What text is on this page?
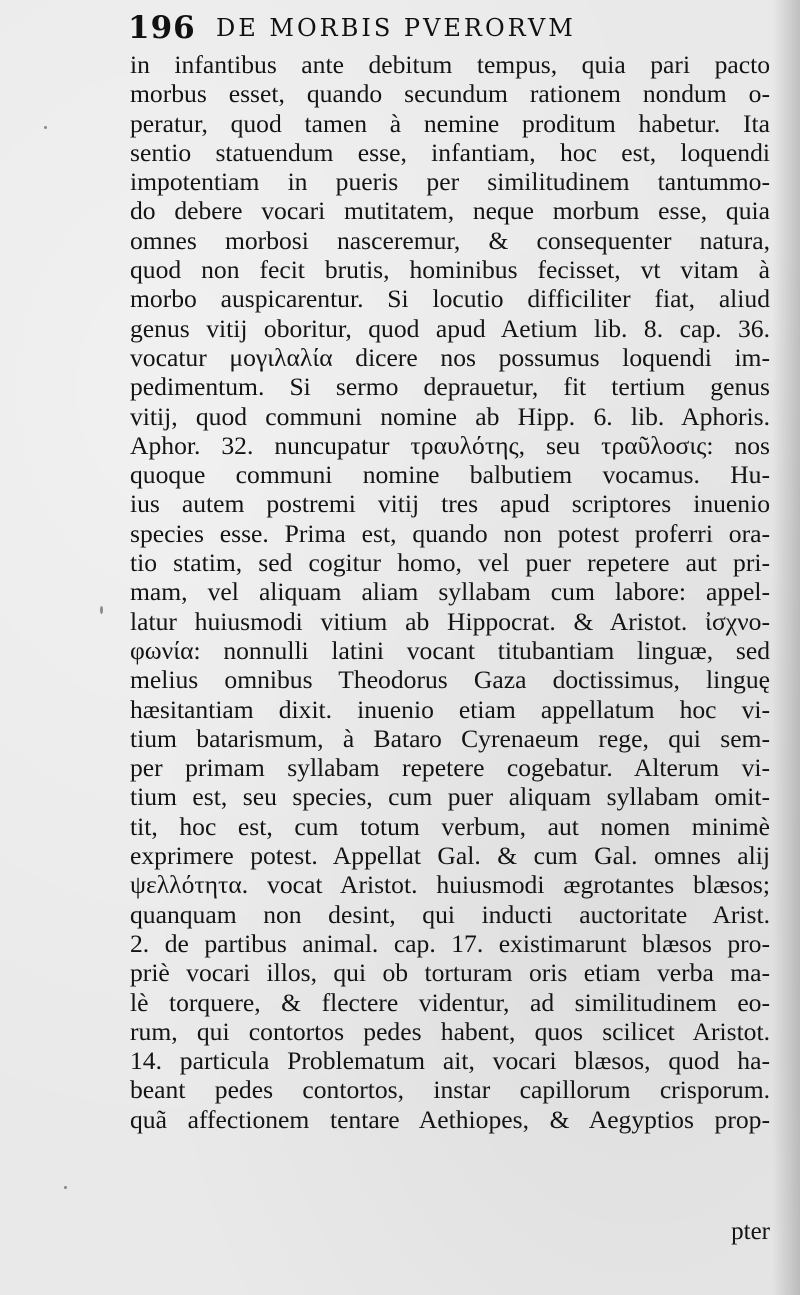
196 DE MORBIS PVERORVM
in infantibus ante debitum tempus, quia pari pacto
morbus esset, quando secundum rationem nondum o-
peratur, quod tamen à nemine proditum habetur. Ita
sentio statuendum esse, infantiam, hoc est, loquendi
impotentiam in pueris per similitudinem tantummo-
do debere vocari mutitatem, neque morbum esse, quia
omnes morbosi nasceremur, & consequenter natura,
quod non fecit brutis, hominibus fecisset, vt vitam à
morbo auspicarentur. Si locutio difficiliter fiat, aliud
genus vitij oboritur, quod apud Aetium lib. 8. cap. 36.
vocatur μογιλαλία dicere nos possumus loquendi im-
pedimentum. Si sermo deprauetur, fit tertium genus
vitij, quod communi nomine ab Hipp. 6. lib. Aphoris.
Aphor. 32. nuncupatur τραυλότης, seu τραῦλοσις: nos
quoque communi nomine balbutiem vocamus. Hu-
ius autem postremi vitij tres apud scriptores inuenio
species esse. Prima est, quando non potest proferri ora-
tio statim, sed cogitur homo, vel puer repetere aut pri-
mam, vel aliquam aliam syllabam cum labore: appel-
latur huiusmodi vitium ab Hippocrat. & Aristot. ἰσχνο-
φωνία: nonnulli latini vocant titubantiam linguæ, sed
melius omnibus Theodorus Gaza doctissimus, linguę
hæsitantiam dixit. inuenio etiam appellatum hoc vi-
tium batarismum, à Bataro Cyrenaeum rege, qui sem-
per primam syllabam repetere cogebatur. Alterum vi-
tium est, seu species, cum puer aliquam syllabam omit-
tit, hoc est, cum totum verbum, aut nomen minimè
exprimere potest. Appellat Gal. & cum Gal. omnes alij
ψελλότητα. vocat Aristot. huiusmodi ægrotantes blæsos;
quanquam non desint, qui inducti auctoritate Arist.
2. de partibus animal. cap. 17. existimarunt blæsos pro-
priè vocari illos, qui ob torturam oris etiam verba ma-
lè torquere, & flectere videntur, ad similitudinem eo-
rum, qui contortos pedes habent, quos scilicet Aristot.
14. particula Problematum ait, vocari blæsos, quod ha-
beant pedes contortos, instar capillorum crisporum.
quã affectionem tentare Aethiopes, & Aegyptios prop-
pter
